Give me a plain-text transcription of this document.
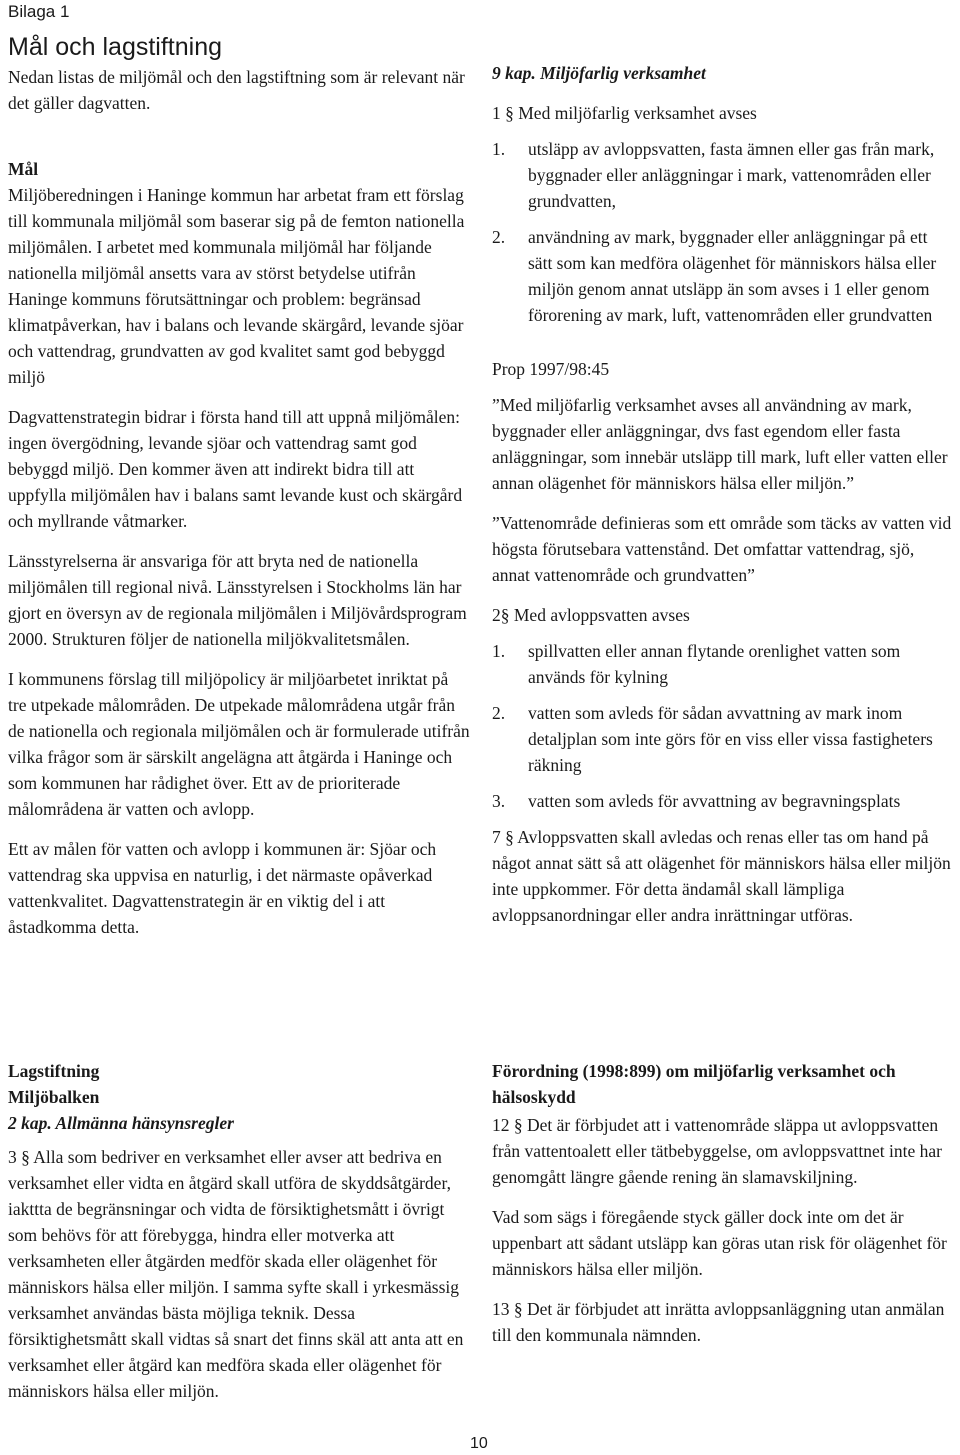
Bilaga 1
Mål och lagstiftning

Nedan listas de miljömål och den lagstiftning som är relevant när det gäller dagvatten.

Mål

Miljöberedningen i Haninge kommun har arbetat fram ett förslag till kommunala miljömål som baserar sig på de femton nationella miljömålen. I arbetet med kommunala miljömål har följande nationella miljömål ansetts vara av störst betydelse utifrån Haninge kommuns förutsättningar och problem: begränsad klimatpåverkan, hav i balans och levande skärgård, levande sjöar och vattendrag, grundvatten av god kvalitet samt god bebyggd miljö

Dagvattenstrategin bidrar i första hand till att uppnå miljömålen: ingen övergödning, levande sjöar och vattendrag samt god bebyggd miljö. Den kommer även att indirekt bidra till att uppfylla miljömålen hav i balans samt levande kust och skärgård och myllrande våtmarker.

Länsstyrelserna är ansvariga för att bryta ned de nationella miljömålen till regional nivå. Länsstyrelsen i Stockholms län har gjort en översyn av de regionala miljömålen i Miljövårdsprogram 2000. Strukturen följer de nationella miljökvalitetsmålen.

I kommunens förslag till miljöpolicy är miljöarbetet inriktat på tre utpekade målområden. De utpekade målområdena utgår från de nationella och regionala miljömålen och är formulerade utifrån vilka frågor som är särskilt angelägna att åtgärda i Haninge och som kommunen har rådighet över. Ett av de prioriterade målområdena är vatten och avlopp.

Ett av målen för vatten och avlopp i kommunen är: Sjöar och vattendrag ska uppvisa en naturlig, i det närmaste opåverkad vattenkvalitet. Dagvattenstrategin är en viktig del i att åstadkomma detta.

Lagstiftning
Miljöbalken
2 kap. Allmänna hänsynsregler

3 § Alla som bedriver en verksamhet eller avser att bedriva en verksamhet eller vidta en åtgärd skall utföra de skyddsåtgärder, iakttta de begränsningar och vidta de försiktighetsmått i övrigt som behövs för att förebygga, hindra eller motverka att verksamheten eller åtgärden medför skada eller olägenhet för människors hälsa eller miljön. I samma syfte skall i yrkesmässig verksamhet användas bästa möjliga teknik. Dessa försiktighetsmått skall vidtas så snart det finns skäl att anta att en verksamhet eller åtgärd kan medföra skada eller olägenhet för människors hälsa eller miljön.

9 kap. Miljöfarlig verksamhet

1 § Med miljöfarlig verksamhet avses

1. utsläpp av avloppsvatten, fasta ämnen eller gas från mark, byggnader eller anläggningar i mark, vattenområden eller grundvatten,
2. användning av mark, byggnader eller anläggningar på ett sätt som kan medföra olägenhet för människors hälsa eller miljön genom annat utsläpp än som avses i 1 eller genom förorening av mark, luft, vattenområden eller grundvatten

Prop 1997/98:45

”Med miljöfarlig verksamhet avses all användning av mark, byggnader eller anläggningar, dvs fast egendom eller fasta anläggningar, som innebär utsläpp till mark, luft eller vatten eller annan olägenhet för människors hälsa eller miljön.”

”Vattenområde definieras som ett område som täcks av vatten vid högsta förutsebara vattenstånd. Det omfattar vattendrag, sjö, annat vattenområde och grundvatten”

2§ Med avloppsvatten avses

1. spillvatten eller annan flytande orenlighet vatten som används för kylning
2. vatten som avleds för sådan avvattning av mark inom detaljplan som inte görs för en viss eller vissa fastigheters räkning
3. vatten som avleds för avvattning av begravningsplats

7 § Avloppsvatten skall avledas och renas eller tas om hand på något annat sätt så att olägenhet för människors hälsa eller miljön inte uppkommer. För detta ändamål skall lämpliga avloppsanordningar eller andra inrättningar utföras.

Förordning (1998:899) om miljöfarlig verksamhet och hälsoskydd

12 § Det är förbjudet att i vattenområde släppa ut avloppsvatten från vattentoalett eller tätbebyggelse, om avloppsvattnet inte har genomgått längre gående rening än slamavskiljning.

Vad som sägs i föregående styck gäller dock inte om det är uppenbart att sådant utsläpp kan göras utan risk för olägenhet för människors hälsa eller miljön.

13 § Det är förbjudet att inrätta avloppsanläggning utan anmälan till den kommunala nämnden.

10
